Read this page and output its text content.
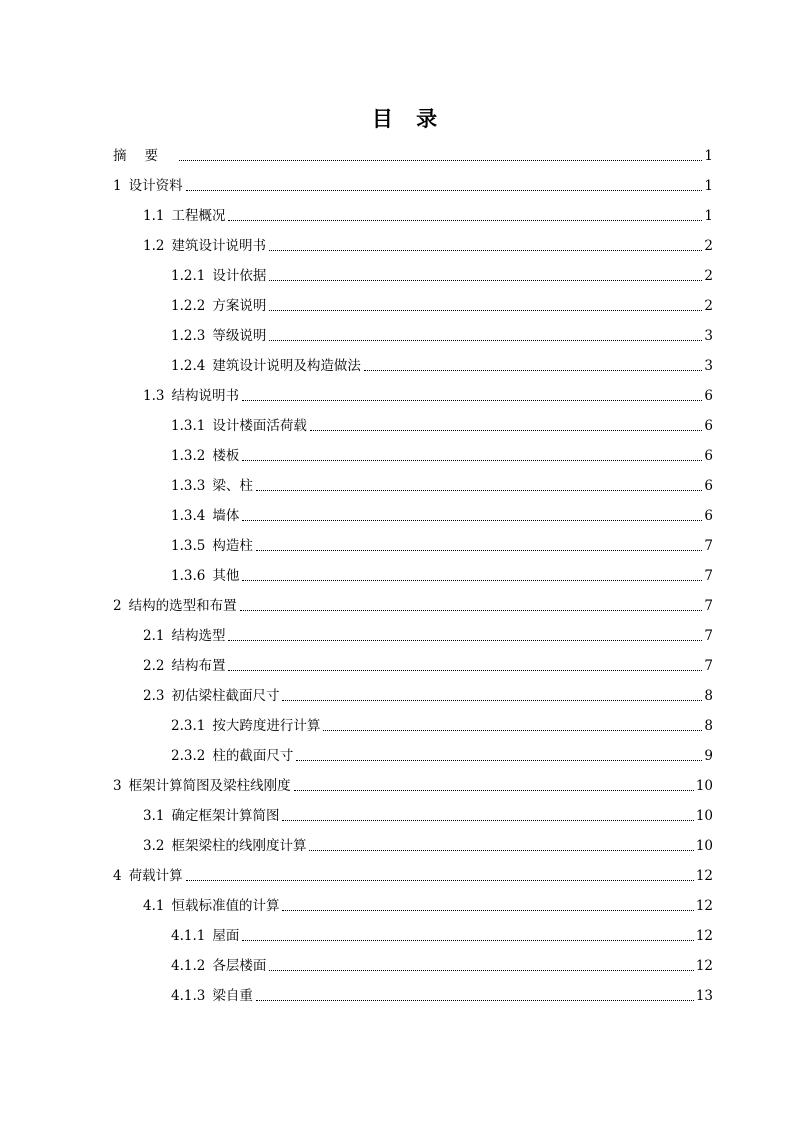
目 录
摘要	1
1 设计资料	1
1.1 工程概况	1
1.2 建筑设计说明书	2
1.2.1 设计依据	2
1.2.2 方案说明	2
1.2.3 等级说明	3
1.2.4 建筑设计说明及构造做法	3
1.3 结构说明书	6
1.3.1 设计楼面活荷载	6
1.3.2 楼板	6
1.3.3 梁、柱	6
1.3.4 墙体	6
1.3.5 构造柱	7
1.3.6 其他	7
2 结构的选型和布置	7
2.1 结构选型	7
2.2 结构布置	7
2.3 初估梁柱截面尺寸	8
2.3.1 按大跨度进行计算	8
2.3.2 柱的截面尺寸	9
3 框架计算简图及梁柱线刚度	10
3.1 确定框架计算简图	10
3.2 框架梁柱的线刚度计算	10
4 荷载计算	12
4.1 恒载标准值的计算	12
4.1.1 屋面	12
4.1.2 各层楼面	12
4.1.3 梁自重	13
